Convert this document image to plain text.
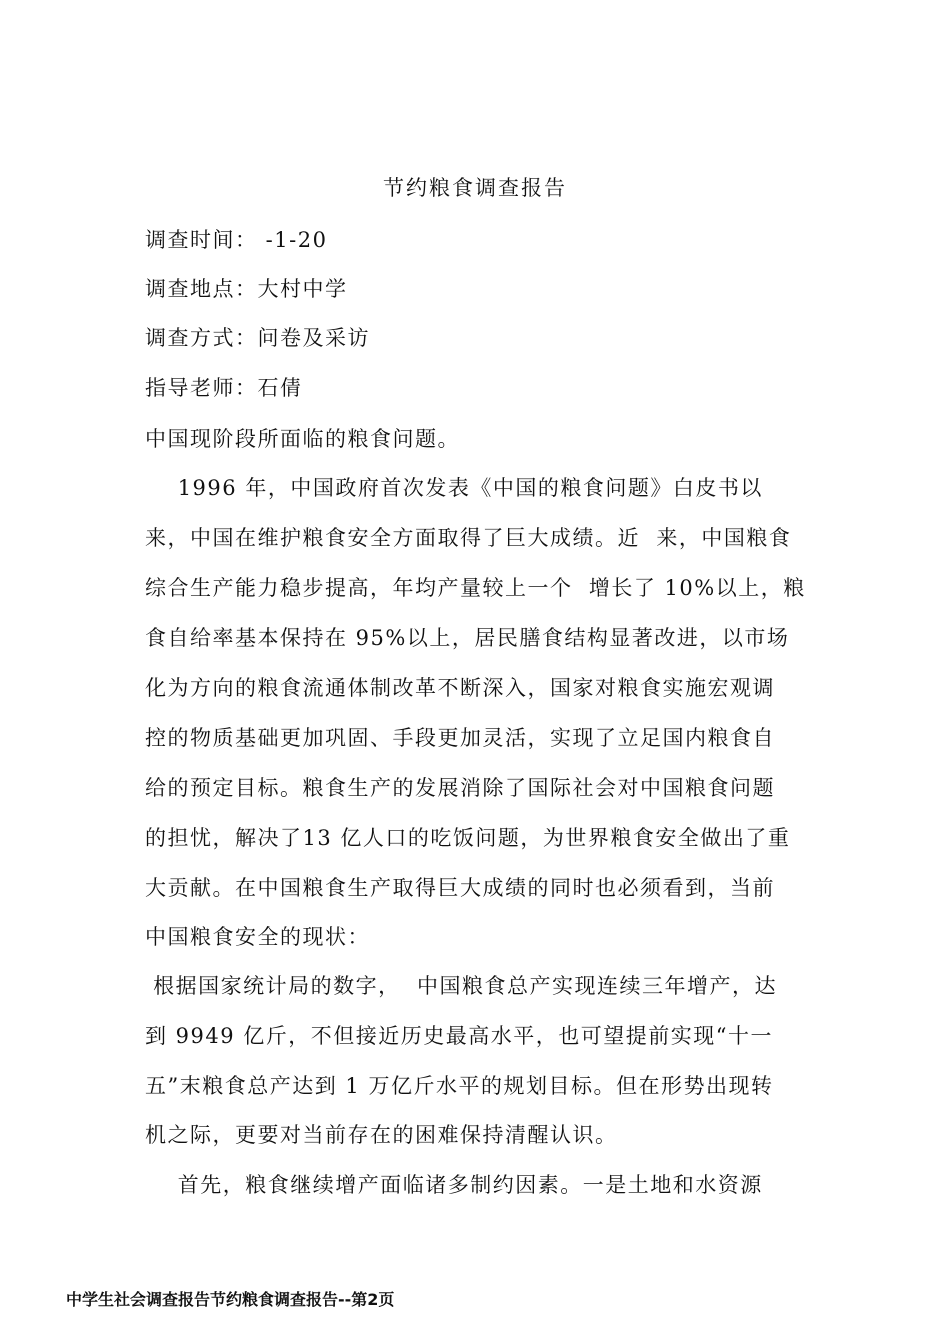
节约粮食调查报告
调查时间： -1-20
调查地点：大村中学
调查方式：问卷及采访
指导老师：石倩
中国现阶段所面临的粮食问题。
1996 年，中国政府首次发表《中国的粮食问题》白皮书以
来，中国在维护粮食安全方面取得了巨大成绩。近  来，中国粮食
综合生产能力稳步提高，年均产量较上一个  增长了 10%以上，粮
食自给率基本保持在 95%以上，居民膳食结构显著改进，以市场
化为方向的粮食流通体制改革不断深入，国家对粮食实施宏观调
控的物质基础更加巩固、手段更加灵活，实现了立足国内粮食自
给的预定目标。粮食生产的发展消除了国际社会对中国粮食问题
的担忧，解决了13 亿人口的吃饭问题，为世界粮食安全做出了重
大贡献。在中国粮食生产取得巨大成绩的同时也必须看到，当前
中国粮食安全的现状：
根据国家统计局的数字，  中国粮食总产实现连续三年增产，达
到 9949 亿斤，不但接近历史最高水平，也可望提前实现“十一
五”末粮食总产达到 1 万亿斤水平的规划目标。但在形势出现转
机之际，更要对当前存在的困难保持清醒认识。
首先，粮食继续增产面临诸多制约因素。一是土地和水资源
中学生社会调查报告节约粮食调查报告--第2页
